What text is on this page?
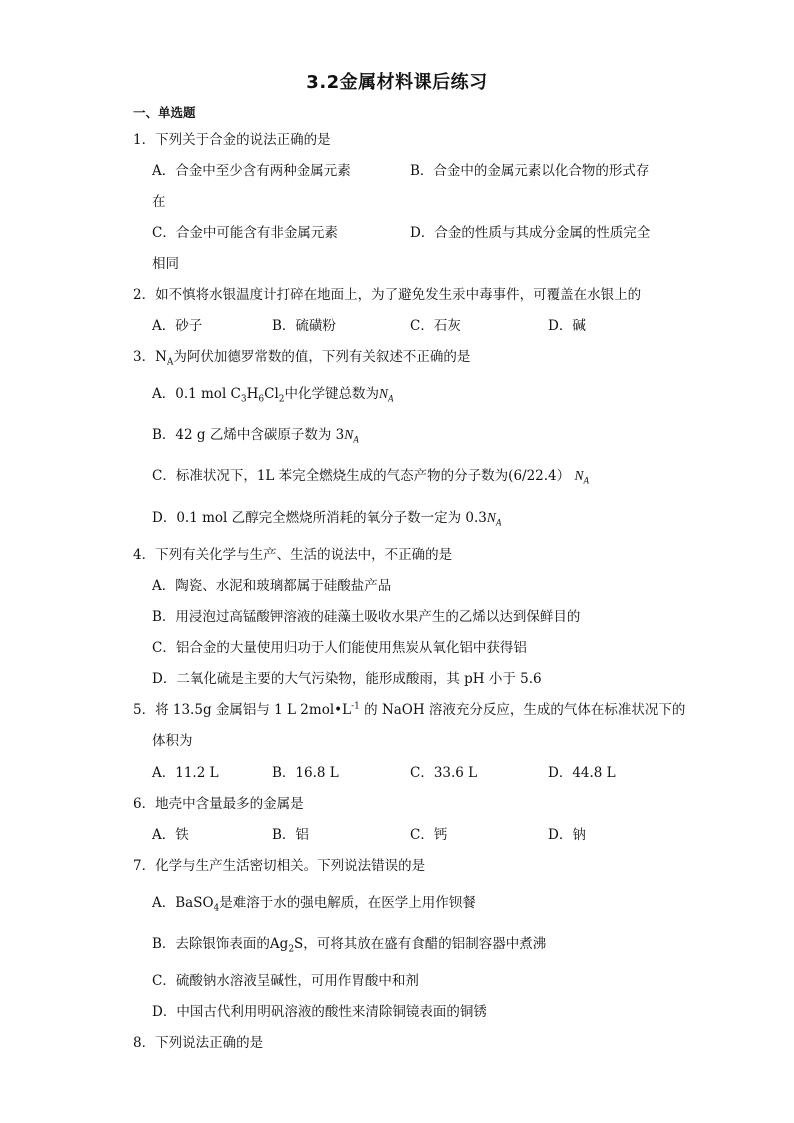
3.2金属材料课后练习
一、单选题
1．下列关于合金的说法正确的是
A．合金中至少含有两种金属元素	B．合金中的金属元素以化合物的形式存
在
C．合金中可能含有非金属元素	D．合金的性质与其成分金属的性质完全
相同
2．如不慎将水银温度计打碎在地面上，为了避免发生汞中毒事件，可覆盖在水银上的
A．砂子	B．硫磺粉	C．石灰	D．碱
3．$N_A$为阿伏加德罗常数的值，下列有关叙述不正确的是
A．0.1 mol $C_3H_6Cl_2$中化学键总数为$N_A$
B．42 g 乙烯中含碳原子数为 $3N_A$
C．标准状况下，1L 苯完全燃烧生成的气态产物的分子数为(6/22.4） $N_A$
D．0.1 mol 乙醇完全燃烧所消耗的氧分子数一定为 $0.3N_A$
4．下列有关化学与生产、生活的说法中，不正确的是
A．陶瓷、水泥和玻璃都属于硅酸盐产品
B．用浸泡过高锰酸钾溶液的硅藻土吸收水果产生的乙烯以达到保鲜目的
C．铝合金的大量使用归功于人们能使用焦炭从氧化铝中获得铝
D．二氧化硫是主要的大气污染物，能形成酸雨，其 pH 小于 5.6
5．将 13.5g 金属铝与 1 L $2mol•L^{-1}$ 的 NaOH 溶液充分反应，生成的气体在标准状况下的
体积为
A．11.2 L	B．16.8 L	C．33.6 L	D．44.8 L
6．地壳中含量最多的金属是
A．铁	B．铝	C．钙	D．钠
7．化学与生产生活密切相关。下列说法错误的是
A．BaSO$_4$是难溶于水的强电解质，在医学上用作钡餐
B．去除银饰表面的$Ag_2S$，可将其放在盛有食醋的铝制容器中煮沸
C．硫酸钠水溶液呈碱性，可用作胃酸中和剂
D．中国古代利用明矾溶液的酸性来清除铜镜表面的铜锈
8．下列说法正确的是
